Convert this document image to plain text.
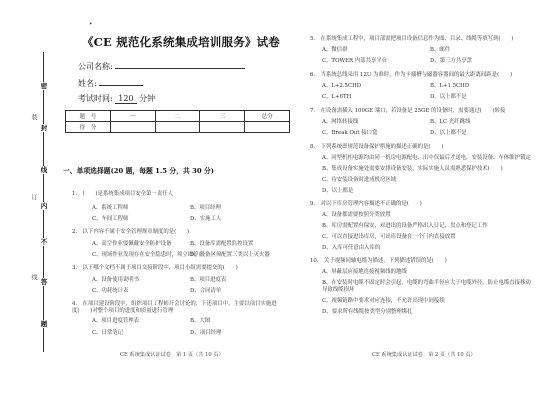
•
密
封
线
内
不
答
题
装
订
线
《CE 规范化系统集成培训服务》试卷
公司名称:
姓名:
考试时间: 120 分钟
题　号	一	二	三	总分
得　分				
一、单项选择题(20 题，每题 1.5 分，共 30 分)
1.　(　　)是系统集成项目安全第一责任人
A、系统工程师	B、项目经理
C、车间工程师	D、实施工人
2.　以下内容不属于安全管理规章制度的是(　　)
A、高空作业要佩戴安全防护设备	B、设备库需配置监控设置
C、现场作业发现存在安全隐患时，须立即停止
D、设备区须配置三类以上灭火器
3.　以下哪个文档不属于项目交接阶段中，项目小组需要提交的(　　)
A、设备使用说明书	B、项目进度表
C、功耗统计表	D、合同清单
4.　在项目建设阶段中，组织项目工程师开会讨论的，下述项目中，主要以项目实施进度(　　)对整个项目的进度和质量进行管理
A、项目进度管理表	B、大图
C、日常笔记	D、项目经理
5.　在系统集成工程中，项目部需把项目设备信息作为图、目录、线缆等填写到(　　)
A、微信群	B、邮件
C、TOWER 内部共享平台	D、第三方共享盘
6.　当系统总线采用 12U 为准时，作为卡插槽与磁器容器间的最大距离间距是(　　)
A、L+2.5CHD	B、L+1.5CHD
C、L+6TH	D、以上都不是
7.　在设备需插入 100GE 端口，若设备是 25GE 的设备时，需要通过(　　)转接
A、网络转接线	B、LC 光纤跳线
C、Break Out 接口盒	D、以上都不是
8.　下列系统即规范设备保护措施的描述正确的是(　　)
A、同型机柜电源均由同一机房电源配电、出中仅最后才送电，安装设备、车体维护锁定
B、集成设备实施处需要安排设备安装，实际实施人员需熟悉保护技术(　　)
C、待安装设备时进成机房区域
D、以上都是
9.　对以下库房管理内容描述不正确的是(　　)
A、设备都需要按照分类放置
B、库房需配置有保安，对进出的设备严格出入日记，盘点和登记工作
C、可以直接进出库房，可出库设备在一个门内直接放置
D、入库可任意由入库的
10.　关于视频同轴电缆为描述，下列描述错误的是(　　)
A、屏蔽层应接地连接视频线的地线
B、在安装时电缆不固定时会引起，电缆的弯曲半径应大于电缆外径，防止电缆直接移动导致线缆损坏
C、视频链路中要求对应连接，不允许出现中间接续
D、要求所有线缆按类型分别整理绑扎
CE 系统集成认证试卷　第 1 页（共 10 页）	CE 系统集成认证试卷　第 2 页（共 10 页）
